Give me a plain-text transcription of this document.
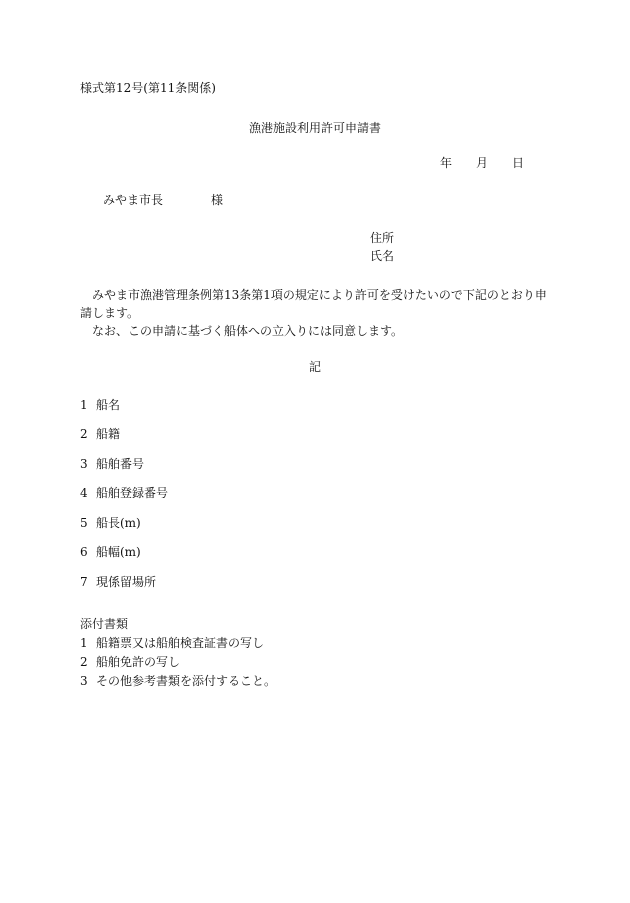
様式第12号(第11条関係)
漁港施設利用許可申請書
年 月 日
みやま市長	様
住所
氏名

みやま市漁港管理条例第13条第1項の規定により許可を受けたいので下記のとおり申請します。

なお、この申請に基づく船体への立入りには同意します。

記
1 船名
2 船籍
3 船舶番号
4 船舶登録番号
5 船長(m)
6 船幅(m)
7 現係留場所
添付書類
1 船籍票又は船舶検査証書の写し
2 船舶免許の写し
3 その他参考書類を添付すること。
